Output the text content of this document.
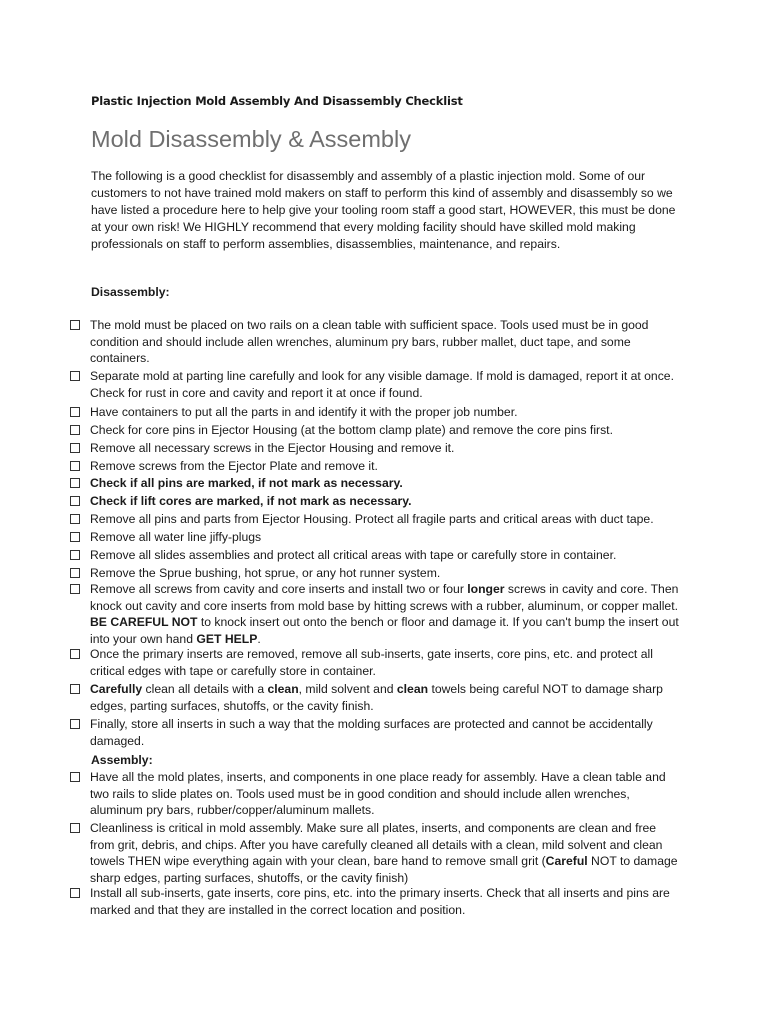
Plastic Injection Mold Assembly And Disassembly Checklist
Mold Disassembly & Assembly
The following is a good checklist for disassembly and assembly of a plastic injection mold. Some of our customers to not have trained mold makers on staff to perform this kind of assembly and disassembly so we have listed a procedure here to help give your tooling room staff a good start, HOWEVER, this must be done at your own risk! We HIGHLY recommend that every molding facility should have skilled mold making professionals on staff to perform assemblies, disassemblies, maintenance, and repairs.
Disassembly:
The mold must be placed on two rails on a clean table with sufficient space. Tools used must be in good condition and should include allen wrenches, aluminum pry bars, rubber mallet, duct tape, and some containers.
Separate mold at parting line carefully and look for any visible damage. If mold is damaged, report it at once. Check for rust in core and cavity and report it at once if found.
Have containers to put all the parts in and identify it with the proper job number.
Check for core pins in Ejector Housing (at the bottom clamp plate) and remove the core pins first.
Remove all necessary screws in the Ejector Housing and remove it.
Remove screws from the Ejector Plate and remove it.
Check if all pins are marked, if not mark as necessary.
Check if lift cores are marked, if not mark as necessary.
Remove all pins and parts from Ejector Housing. Protect all fragile parts and critical areas with duct tape.
Remove all water line jiffy-plugs
Remove all slides assemblies and protect all critical areas with tape or carefully store in container.
Remove the Sprue bushing, hot sprue, or any hot runner system.
Remove all screws from cavity and core inserts and install two or four longer screws in cavity and core. Then knock out cavity and core inserts from mold base by hitting screws with a rubber, aluminum, or copper mallet. BE CAREFUL NOT to knock insert out onto the bench or floor and damage it. If you can't bump the insert out into your own hand GET HELP.
Once the primary inserts are removed, remove all sub-inserts, gate inserts, core pins, etc. and protect all critical edges with tape or carefully store in container.
Carefully clean all details with a clean, mild solvent and clean towels being careful NOT to damage sharp edges, parting surfaces, shutoffs, or the cavity finish.
Finally, store all inserts in such a way that the molding surfaces are protected and cannot be accidentally damaged.
Assembly:
Have all the mold plates, inserts, and components in one place ready for assembly. Have a clean table and two rails to slide plates on. Tools used must be in good condition and should include allen wrenches, aluminum pry bars, rubber/copper/aluminum mallets.
Cleanliness is critical in mold assembly. Make sure all plates, inserts, and components are clean and free from grit, debris, and chips. After you have carefully cleaned all details with a clean, mild solvent and clean towels THEN wipe everything again with your clean, bare hand to remove small grit (Careful NOT to damage sharp edges, parting surfaces, shutoffs, or the cavity finish)
Install all sub-inserts, gate inserts, core pins, etc. into the primary inserts. Check that all inserts and pins are marked and that they are installed in the correct location and position.
